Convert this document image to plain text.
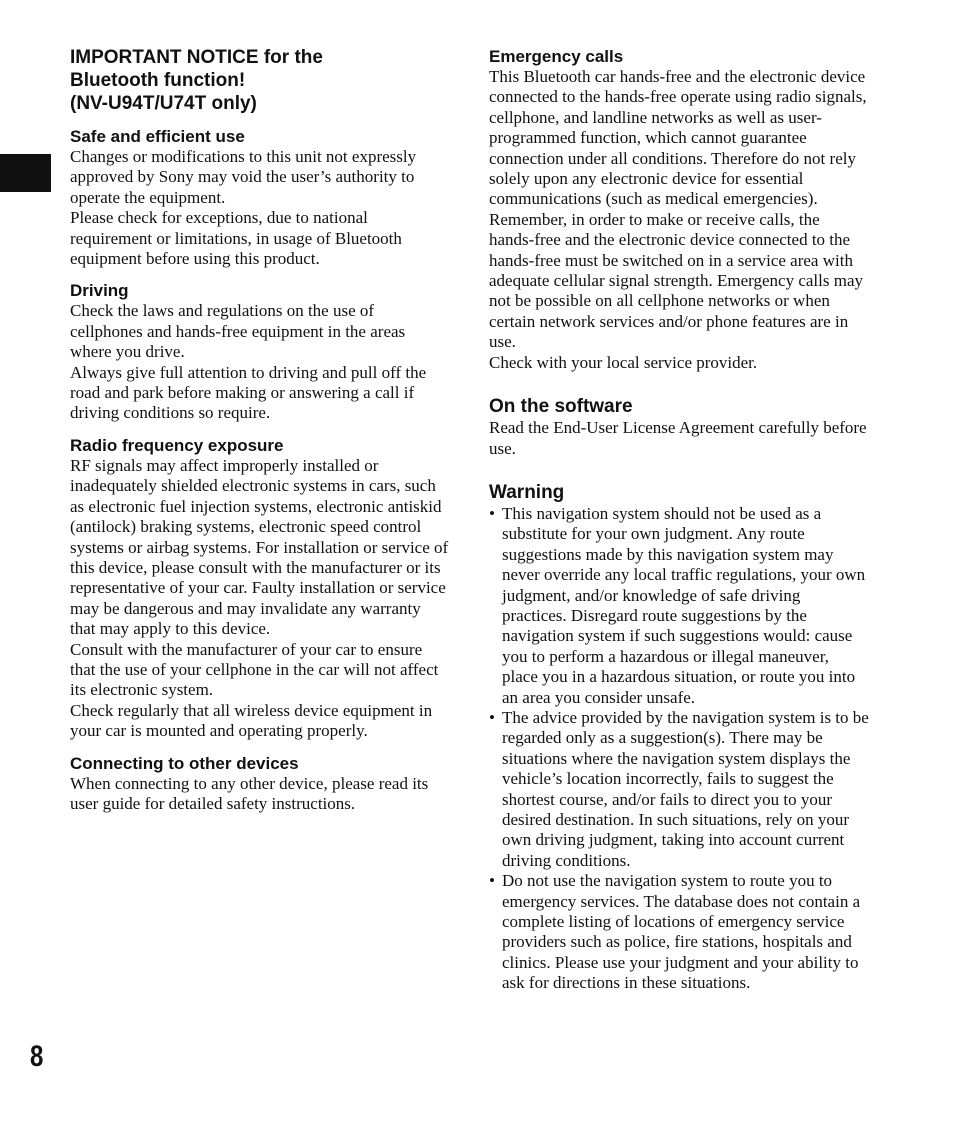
8
IMPORTANT NOTICE for the
Bluetooth function!
(NV-U94T/U74T only)
Safe and efficient use

Changes or modifications to this unit not expressly approved by Sony may void the user’s authority to operate the equipment.

Please check for exceptions, due to national requirement or limitations, in usage of Bluetooth equipment before using this product.

Driving

Check the laws and regulations on the use of cellphones and hands-free equipment in the areas where you drive.

Always give full attention to driving and pull off the road and park before making or answering a call if driving conditions so require.

Radio frequency exposure

RF signals may affect improperly installed or inadequately shielded electronic systems in cars, such as electronic fuel injection systems, electronic antiskid (antilock) braking systems, electronic speed control systems or airbag systems. For installation or service of this device, please consult with the manufacturer or its representative of your car. Faulty installation or service may be dangerous and may invalidate any warranty that may apply to this device.

Consult with the manufacturer of your car to ensure that the use of your cellphone in the car will not affect its electronic system.

Check regularly that all wireless device equipment in your car is mounted and operating properly.

Connecting to other devices

When connecting to any other device, please read its user guide for detailed safety instructions.

Emergency calls

This Bluetooth car hands-free and the electronic device connected to the hands-free operate using radio signals, cellphone, and landline networks as well as user-programmed function, which cannot guarantee connection under all conditions. Therefore do not rely solely upon any electronic device for essential communications (such as medical emergencies).

Remember, in order to make or receive calls, the hands-free and the electronic device connected to the hands-free must be switched on in a service area with adequate cellular signal strength. Emergency calls may not be possible on all cellphone networks or when certain network services and/or phone features are in use.

Check with your local service provider.

On the software

Read the End-User License Agreement carefully before use.

Warning
• This navigation system should not be used as a substitute for your own judgment. Any route suggestions made by this navigation system may never override any local traffic regulations, your own judgment, and/or knowledge of safe driving practices. Disregard route suggestions by the navigation system if such suggestions would: cause you to perform a hazardous or illegal maneuver, place you in a hazardous situation, or route you into an area you consider unsafe.
• The advice provided by the navigation system is to be regarded only as a suggestion(s). There may be situations where the navigation system displays the vehicle’s location incorrectly, fails to suggest the shortest course, and/or fails to direct you to your desired destination. In such situations, rely on your own driving judgment, taking into account current driving conditions.
• Do not use the navigation system to route you to emergency services. The database does not contain a complete listing of locations of emergency service providers such as police, fire stations, hospitals and clinics. Please use your judgment and your ability to ask for directions in these situations.
